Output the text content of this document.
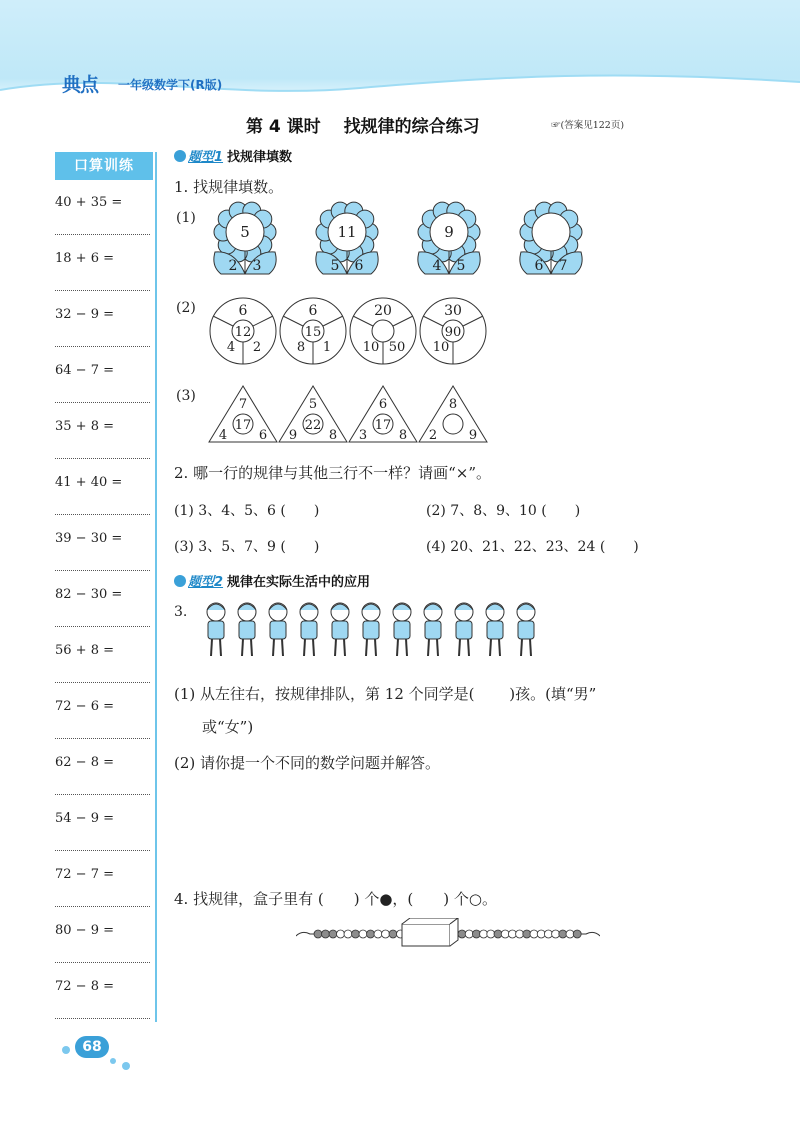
典点 一年级数学下(R版)
第 4 课时　 找规律的综合练习	☞(答案见122页)
口算训练
40 + 35 =
18 + 6 =
32 − 9 =
64 − 7 =
35 + 8 =
41 + 40 =
39 − 30 =
82 − 30 =
56 + 8 =
72 − 6 =
62 − 8 =
54 − 9 =
72 − 7 =
80 − 9 =
72 − 8 =
题型1 找规律填数
1. 找规律填数。
(1)
5
2 3
11
5 6
9
4 5	6 7
(2)	6
12
4 2
6
15
8 1
20
10 50
30
90
10
(3)
7
17
4 6
5
22
9 8
6
17
3 8
8
2 9
2. 哪一行的规律与其他三行不一样？请画“×”。
(1) 3、4、5、6 (　　)	(2) 7、8、9、10 (　　)
(3) 3、5、7、9 (　　)	(4) 20、21、22、23、24 (　　)
题型2 规律在实际生活中的应用
3.
(1) 从左往右，按规律排队，第 12 个同学是(　　 )孩。(填“男”
或“女”)
(2) 请你提一个不同的数学问题并解答。
4. 找规律，盒子里有 (　　) 个●，(　　) 个○。
68
